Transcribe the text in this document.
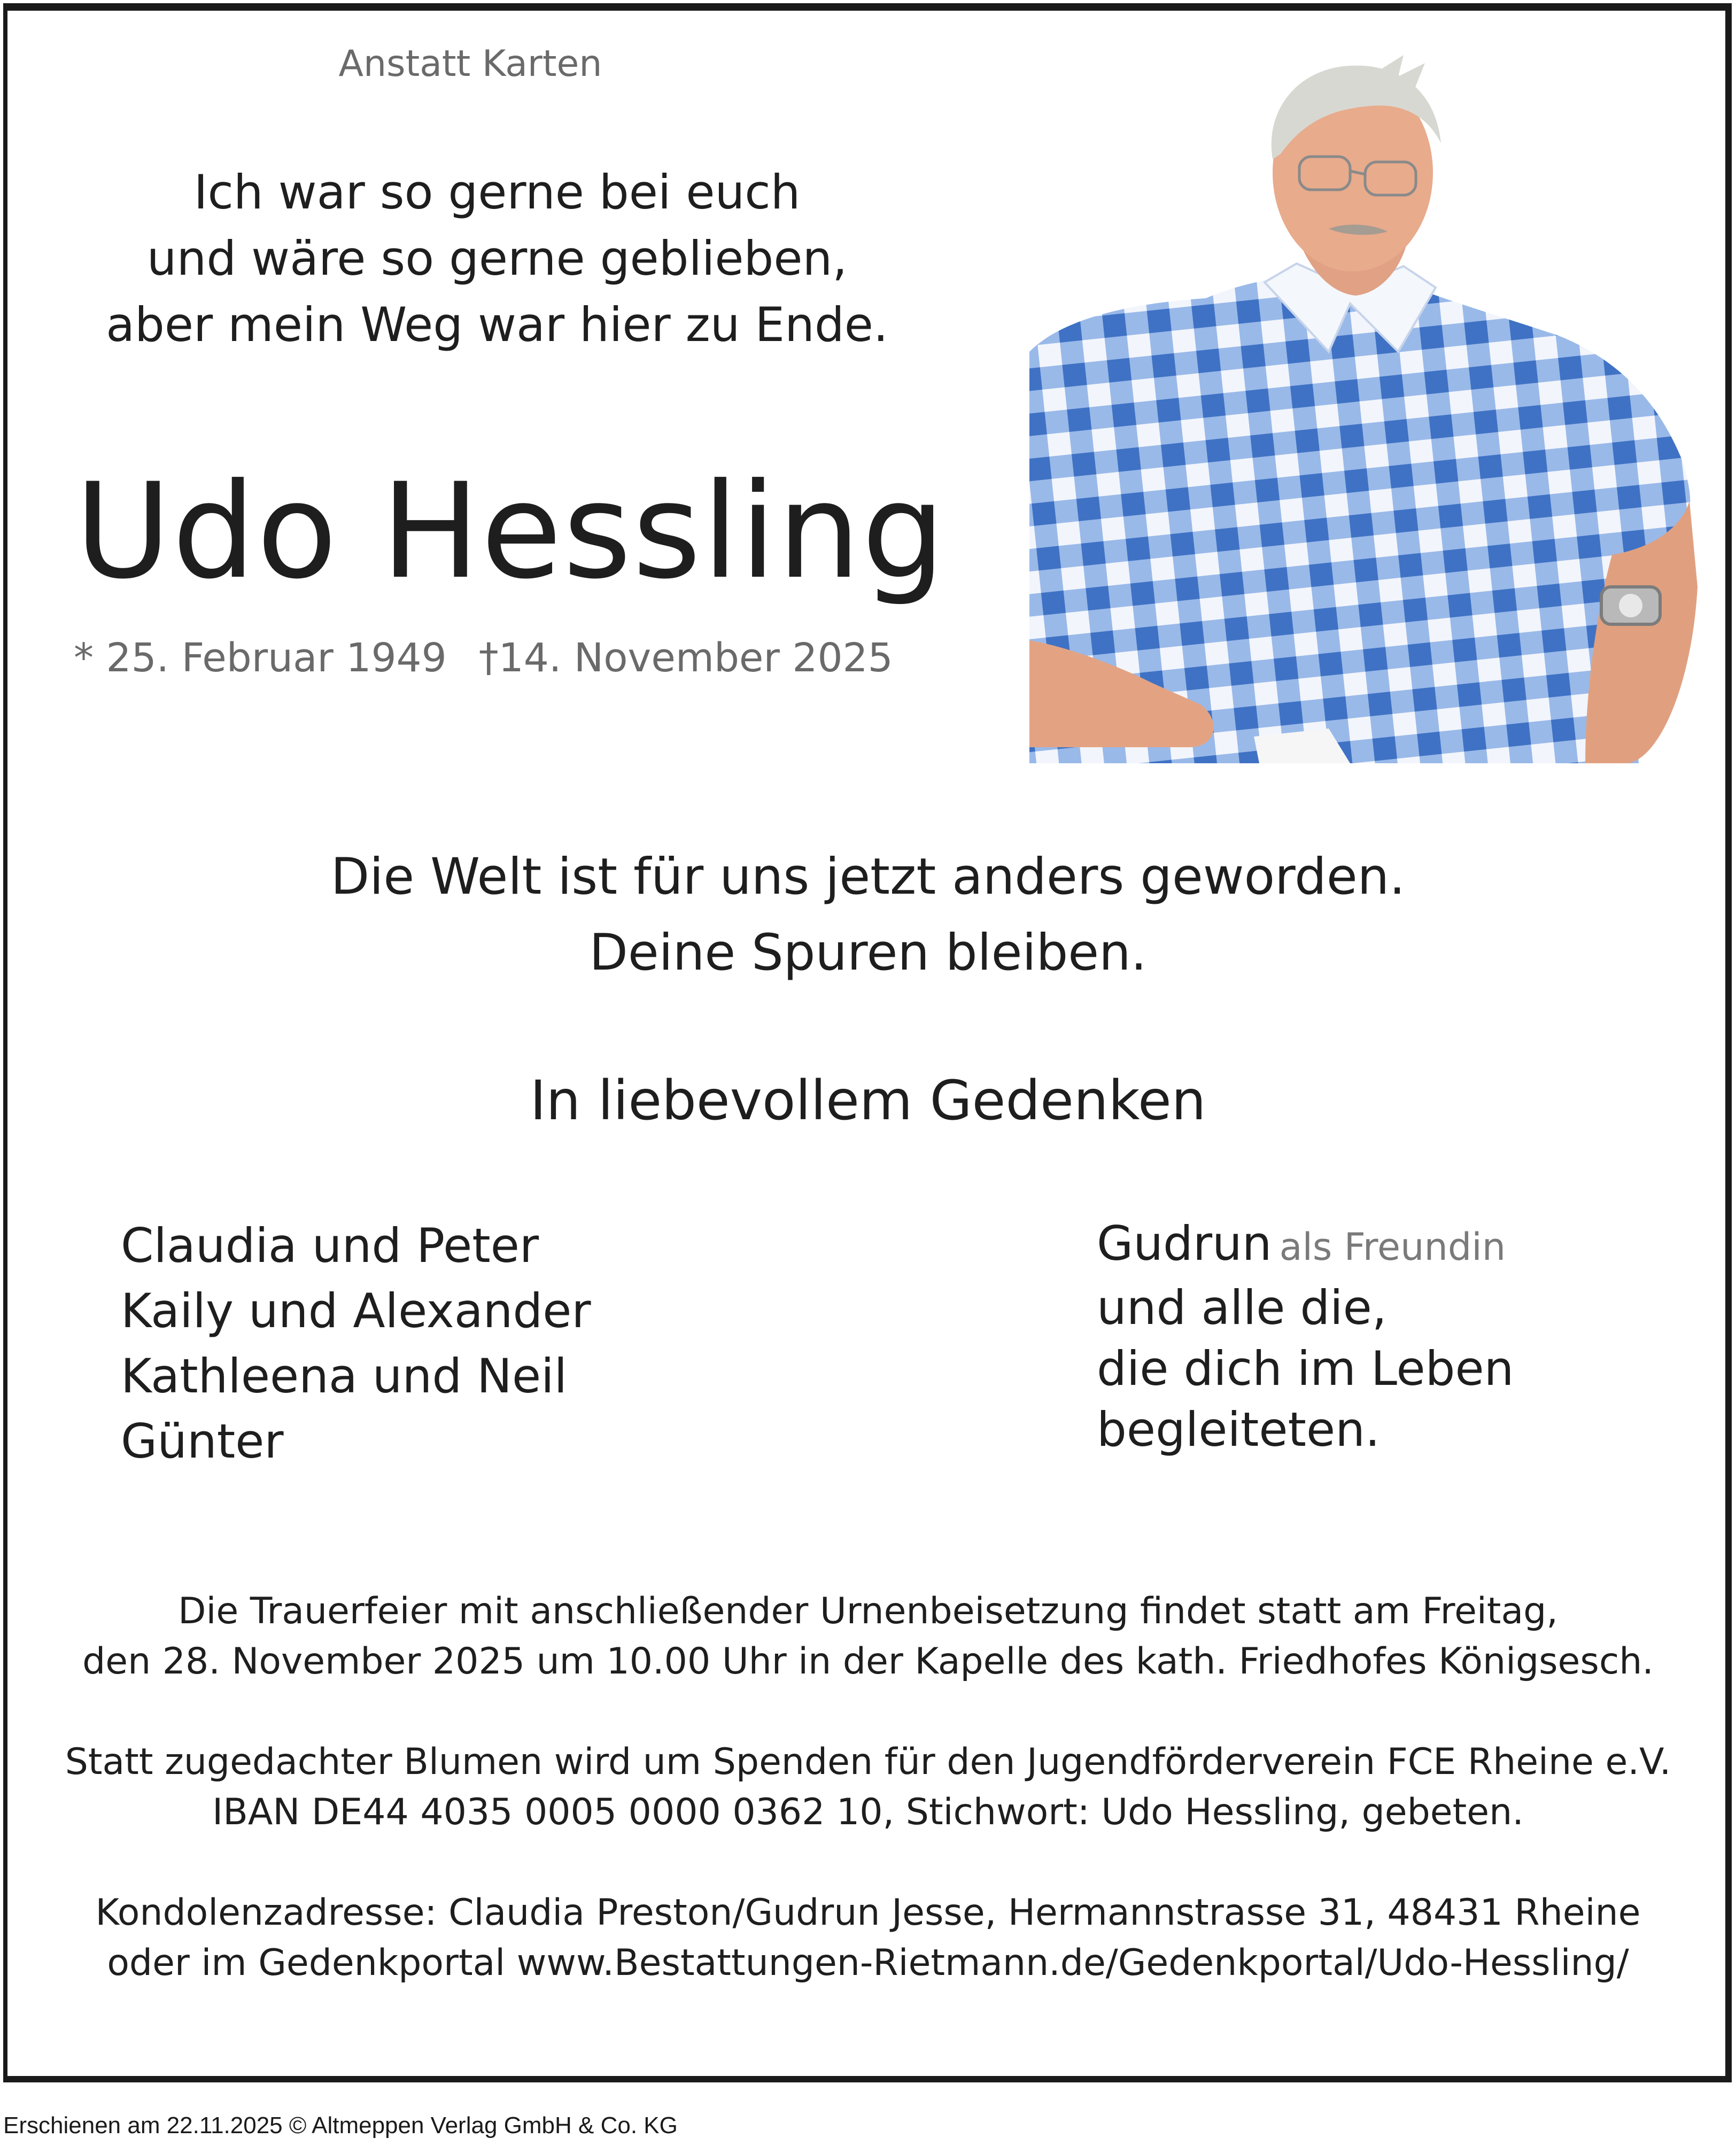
Anstatt Karten
Ich war so gerne bei euch
und wäre so gerne geblieben,
aber mein Weg war hier zu Ende.
Udo Hessling
* 25. Februar 1949 †14. November 2025
Die Welt ist für uns jetzt anders geworden.
Deine Spuren bleiben.
In liebevollem Gedenken
Claudia und Peter
Kaily und Alexander
Kathleena und Neil
Günter
Gudrun als Freundin
und alle die,
die dich im Leben
begleiteten.

Die Trauerfeier mit anschließender Urnenbeisetzung findet statt am Freitag,
den 28. November 2025 um 10.00 Uhr in der Kapelle des kath. Friedhofes Königsesch.

Statt zugedachter Blumen wird um Spenden für den Jugendförderverein FCE Rheine e.V.
IBAN DE44 4035 0005 0000 0362 10, Stichwort: Udo Hessling, gebeten.

Kondolenzadresse: Claudia Preston/Gudrun Jesse, Hermannstrasse 31, 48431 Rheine
oder im Gedenkportal www.Bestattungen-Rietmann.de/Gedenkportal/Udo-Hessling/

Erschienen am 22.11.2025 © Altmeppen Verlag GmbH & Co. KG
